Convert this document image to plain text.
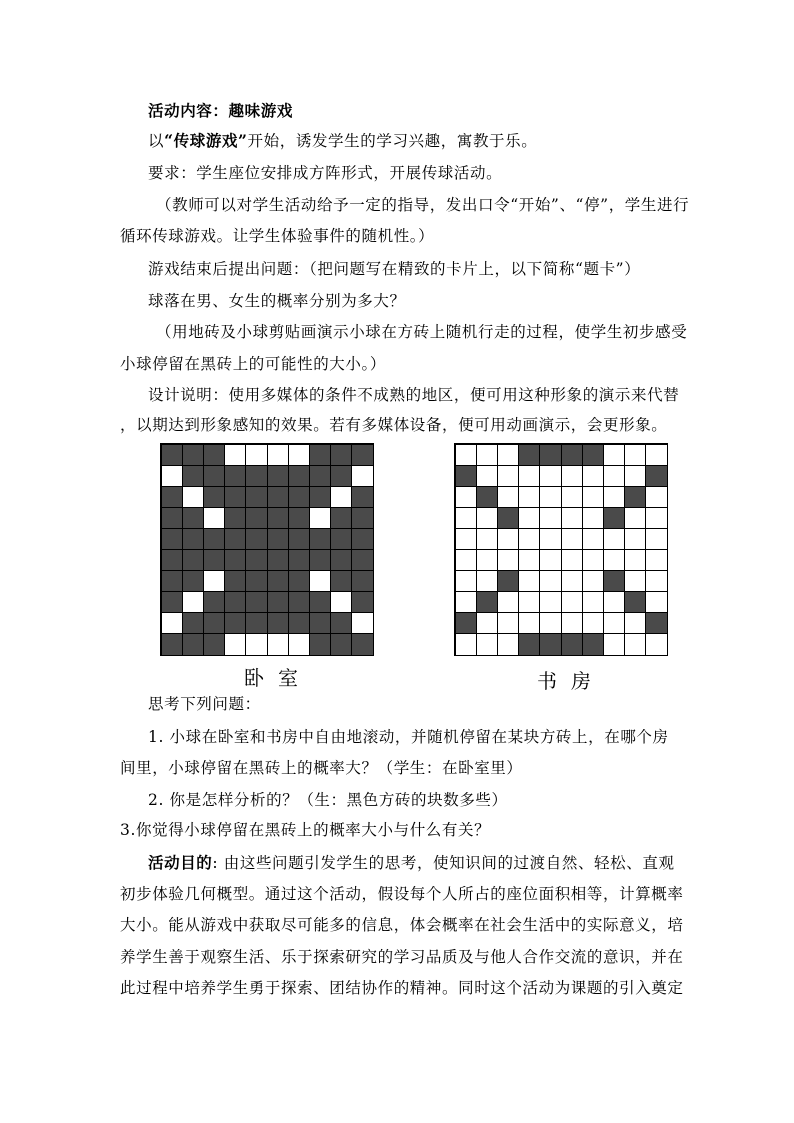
活动内容：趣味游戏
以“传球游戏”开始，诱发学生的学习兴趣，寓教于乐。
要求：学生座位安排成方阵形式，开展传球活动。
（教师可以对学生活动给予一定的指导，发出口令“开始”、“停”，学生进行
循环传球游戏。让学生体验事件的随机性。）
游戏结束后提出问题：（把问题写在精致的卡片上，以下简称“题卡”）
球落在男、女生的概率分别为多大？
（用地砖及小球剪贴画演示小球在方砖上随机行走的过程，使学生初步感受
小球停留在黑砖上的可能性的大小。）
设计说明：使用多媒体的条件不成熟的地区，便可用这种形象的演示来代替
，以期达到形象感知的效果。若有多媒体设备，便可用动画演示，会更形象。
卧室	书房
思考下列问题：
1. 小球在卧室和书房中自由地滚动，并随机停留在某块方砖上，在哪个房
间里，小球停留在黑砖上的概率大？（学生：在卧室里）
2. 你是怎样分析的？（生：黑色方砖的块数多些）
3.你觉得小球停留在黑砖上的概率大小与什么有关？
活动目的: 由这些问题引发学生的思考，使知识间的过渡自然、轻松、直观
初步体验几何概型。通过这个活动，假设每个人所占的座位面积相等，计算概率
大小。能从游戏中获取尽可能多的信息，体会概率在社会生活中的实际意义，培
养学生善于观察生活、乐于探索研究的学习品质及与他人合作交流的意识，并在
此过程中培养学生勇于探索、团结协作的精神。同时这个活动为课题的引入奠定
